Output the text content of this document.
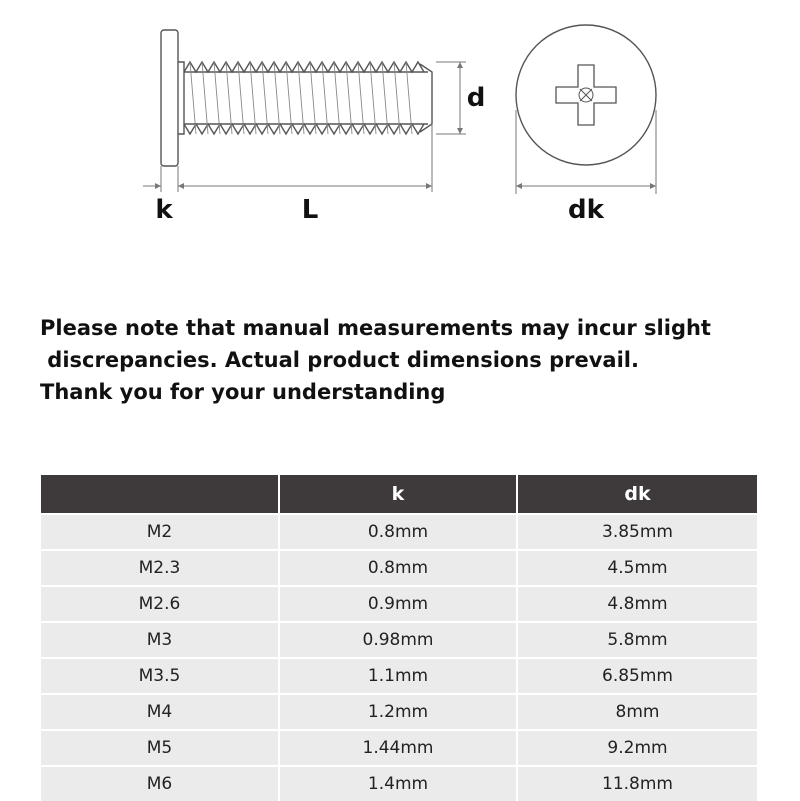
k	L
d
dk
Please note that manual measurements may incur slight
discrepancies. Actual product dimensions prevail.
Thank you for your understanding
	k	dk
M2	0.8mm	3.85mm
M2.3	0.8mm	4.5mm
M2.6	0.9mm	4.8mm
M3	0.98mm	5.8mm
M3.5	1.1mm	6.85mm
M4	1.2mm	8mm
M5	1.44mm	9.2mm
M6	1.4mm	11.8mm
